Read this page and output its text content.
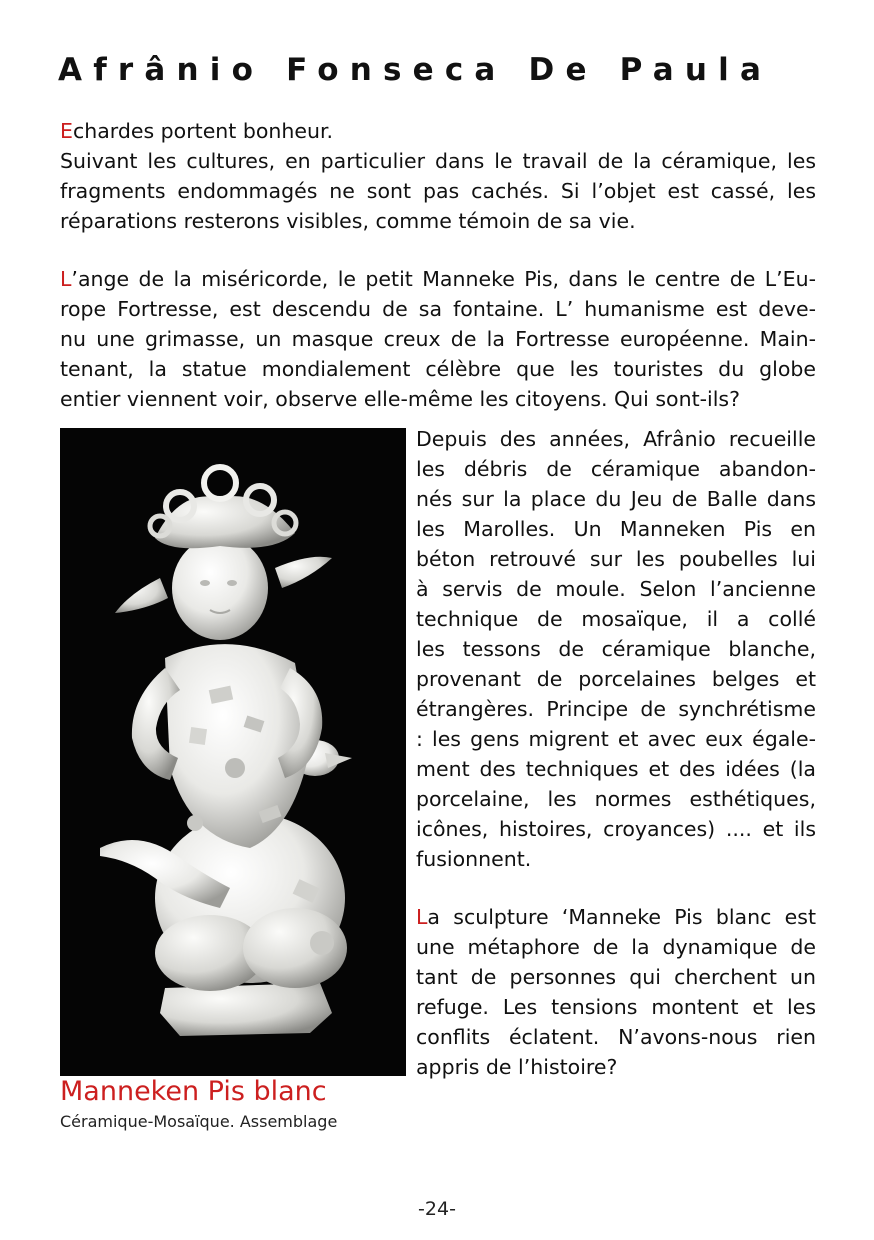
Afrânio Fonseca De Paula
Echardes portent bonheur.
Suivant les cultures, en particulier dans le travail de la céramique, les
fragments endommagés ne sont pas cachés. Si l’objet est cassé, les
réparations resterons visibles, comme témoin de sa vie.
L’ange de la miséricorde, le petit Manneke Pis, dans le centre de L’Eu-
rope Fortresse, est descendu de sa fontaine. L’ humanisme est deve-
nu une grimasse, un masque creux de la Fortresse européenne. Main-
tenant, la statue mondialement célèbre que les touristes du globe
entier viennent voir, observe elle-même les citoyens. Qui sont-ils?
Depuis des années, Afrânio recueille
les débris de céramique abandon-
nés sur la place du Jeu de Balle dans
les Marolles. Un Manneken Pis en
béton retrouvé sur les poubelles lui
à servis de moule. Selon l’ancienne
technique de mosaïque, il a collé
les tessons de céramique blanche,
provenant de porcelaines belges et
étrangères. Principe de synchrétisme
: les gens migrent et avec eux égale-
ment des techniques et des idées (la
porcelaine, les normes esthétiques,
icônes, histoires, croyances) .... et ils
fusionnent.
La sculpture ‘Manneke Pis blanc est
une métaphore de la dynamique de
tant de personnes qui cherchent un
refuge. Les tensions montent et les
conflits éclatent. N’avons-nous rien
appris de l’histoire?
Manneken Pis blanc
Céramique-Mosaïque. Assemblage
-24-
